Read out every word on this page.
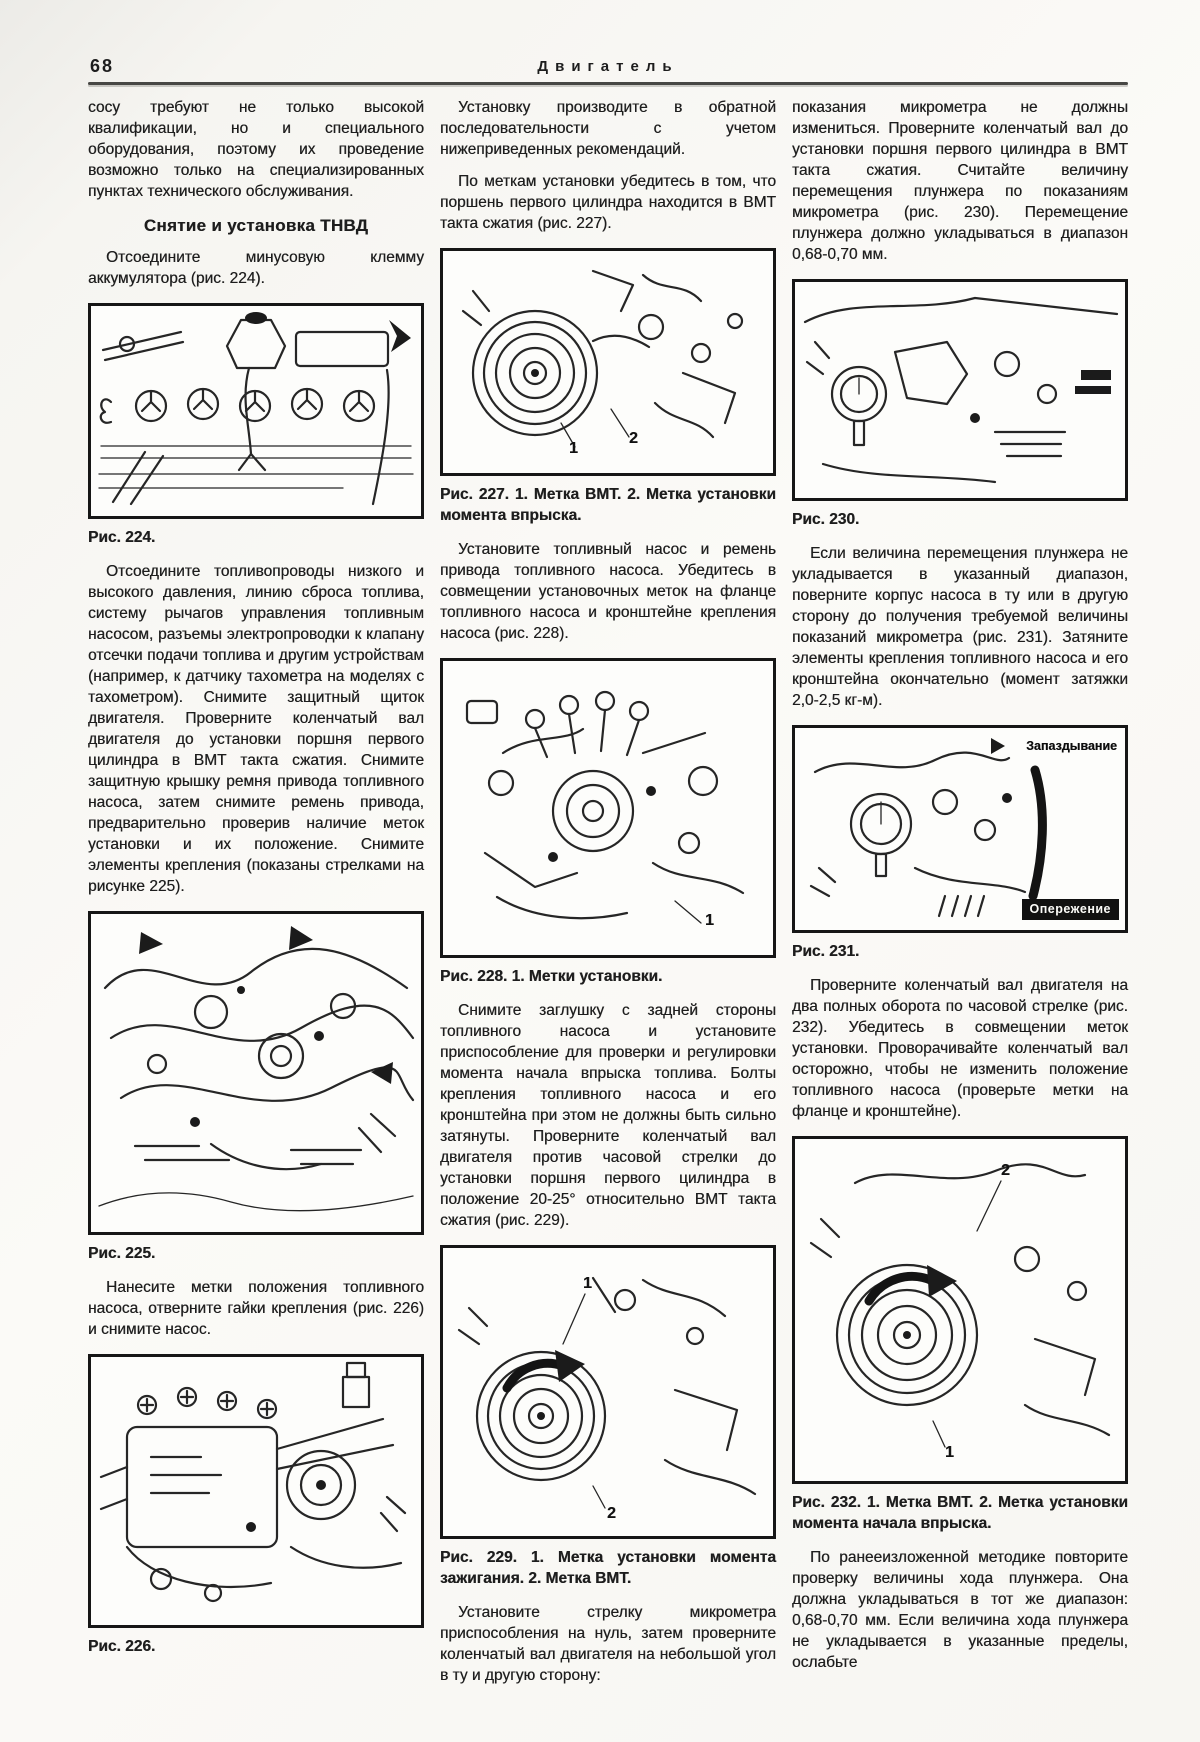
68	Двигатель

сосу требуют не только высокой квалификации, но и специального оборудования, поэтому их проведение возможно только на специализированных пунктах технического обслуживания.

Снятие и установка ТНВД

Отсоедините минусовую клемму аккумулятора (рис. 224).

Рис. 224.

Отсоедините топливопроводы низкого и высокого давления, линию сброса топлива, систему рычагов управления топливным насосом, разъемы электропроводки к клапану отсечки подачи топлива и другим устройствам (например, к датчику тахометра на моделях с тахометром). Снимите защитный щиток двигателя. Проверните коленчатый вал двигателя до установки поршня первого цилиндра в ВМТ такта сжатия. Снимите защитную крышку ремня привода топливного насоса, затем снимите ремень привода, предварительно проверив наличие меток установки и их положение. Снимите элементы крепления (показаны стрелками на рисунке 225).

Рис. 225.

Нанесите метки положения топливного насоса, отверните гайки крепления (рис. 226) и снимите насос.

Рис. 226.

Установку производите в обратной последовательности с учетом нижеприведенных рекомендаций.

По меткам установки убедитесь в том, что поршень первого цилиндра находится в ВМТ такта сжатия (рис. 227).

1
2
Рис. 227. 1. Метка ВМТ. 2. Метка установки момента впрыска.

Установите топливный насос и ремень привода топливного насоса. Убедитесь в совмещении установочных меток на фланце топливного насоса и кронштейне крепления насоса (рис. 228).

1
Рис. 228. 1. Метки установки.

Снимите заглушку с задней стороны топливного насоса и установите приспособление для проверки и регулировки момента начала впрыска топлива. Болты крепления топливного насоса и его кронштейна при этом не должны быть сильно затянуты. Проверните коленчатый вал двигателя против часовой стрелки до установки поршня первого цилиндра в положение 20-25° относительно ВМТ такта сжатия (рис. 229).

1
2
Рис. 229. 1. Метка установки момента зажигания. 2. Метка ВМТ.

Установите стрелку микрометра приспособления на нуль, затем проверните коленчатый вал двигателя на небольшой угол в ту и другую сторону:

показания микрометра не должны измениться. Проверните коленчатый вал до установки поршня первого цилиндра в ВМТ такта сжатия. Считайте величину перемещения плунжера по показаниям микрометра (рис. 230). Перемещение плунжера должно укладываться в диапазон 0,68-0,70 мм.

Рис. 230.

Если величина перемещения плунжера не укладывается в указанный диапазон, поверните корпус насоса в ту или в другую сторону до получения требуемой величины показаний микрометра (рис. 231). Затяните элементы крепления топливного насоса и его кронштейна окончательно (момент затяжки 2,0-2,5 кг-м).

Запаздывание
Опережение
Рис. 231.

Проверните коленчатый вал двигателя на два полных оборота по часовой стрелке (рис. 232). Убедитесь в совмещении меток установки. Проворачивайте коленчатый вал осторожно, чтобы не изменить положение топливного насоса (проверьте метки на фланце и кронштейне).

2
1
Рис. 232. 1. Метка ВМТ. 2. Метка установки момента начала впрыска.

По ранееизложенной методике повторите проверку величины хода плунжера. Она должна укладываться в тот же диапазон: 0,68-0,70 мм. Если величина хода плунжера не укладывается в указанные пределы, ослабьте
